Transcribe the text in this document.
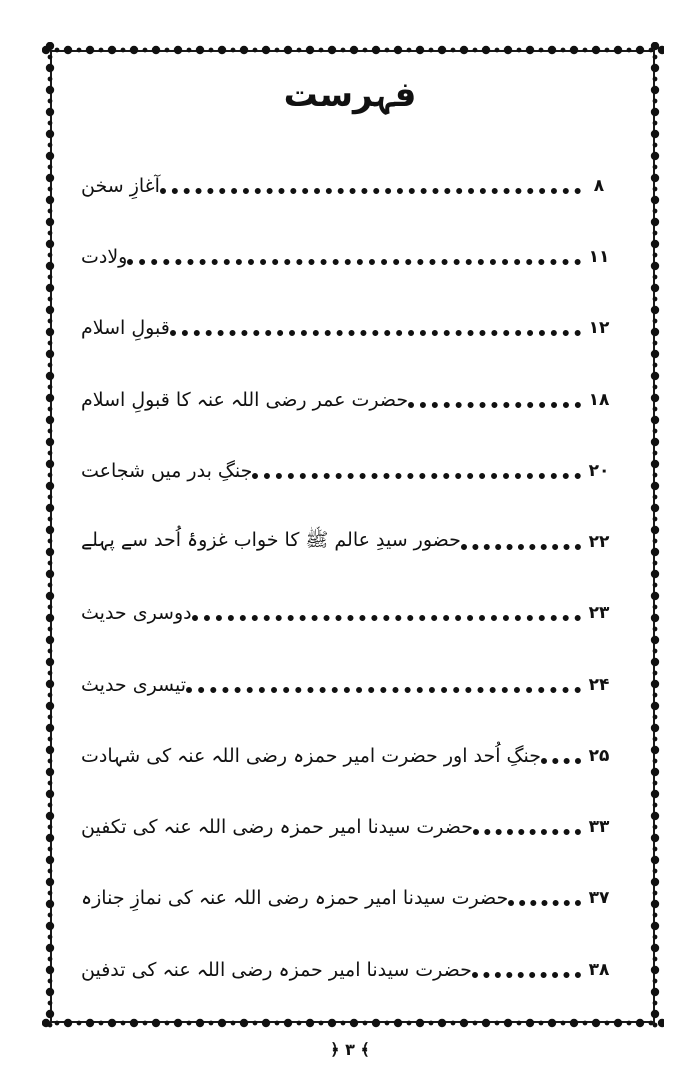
فہرست
آغازِ سخن	۸
ولادت	۱۱
قبولِ اسلام	۱۲
حضرت عمر رضی اللہ عنہ کا قبولِ اسلام	۱۸
جنگِ بدر میں شجاعت	۲۰
حضور سیدِ عالم ﷺ کا خواب غزوۂ اُحد سے پہلے	۲۲
دوسری حدیث	۲۳
تیسری حدیث	۲۴
جنگِ اُحد اور حضرت امیر حمزہ رضی اللہ عنہ کی شہادت	۲۵
حضرت سیدنا امیر حمزہ رضی اللہ عنہ کی تکفین	۳۳
حضرت سیدنا امیر حمزہ رضی اللہ عنہ کی نمازِ جنازہ	۳۷
حضرت سیدنا امیر حمزہ رضی اللہ عنہ کی تدفین	۳۸
﴿ ۳ ﴾
